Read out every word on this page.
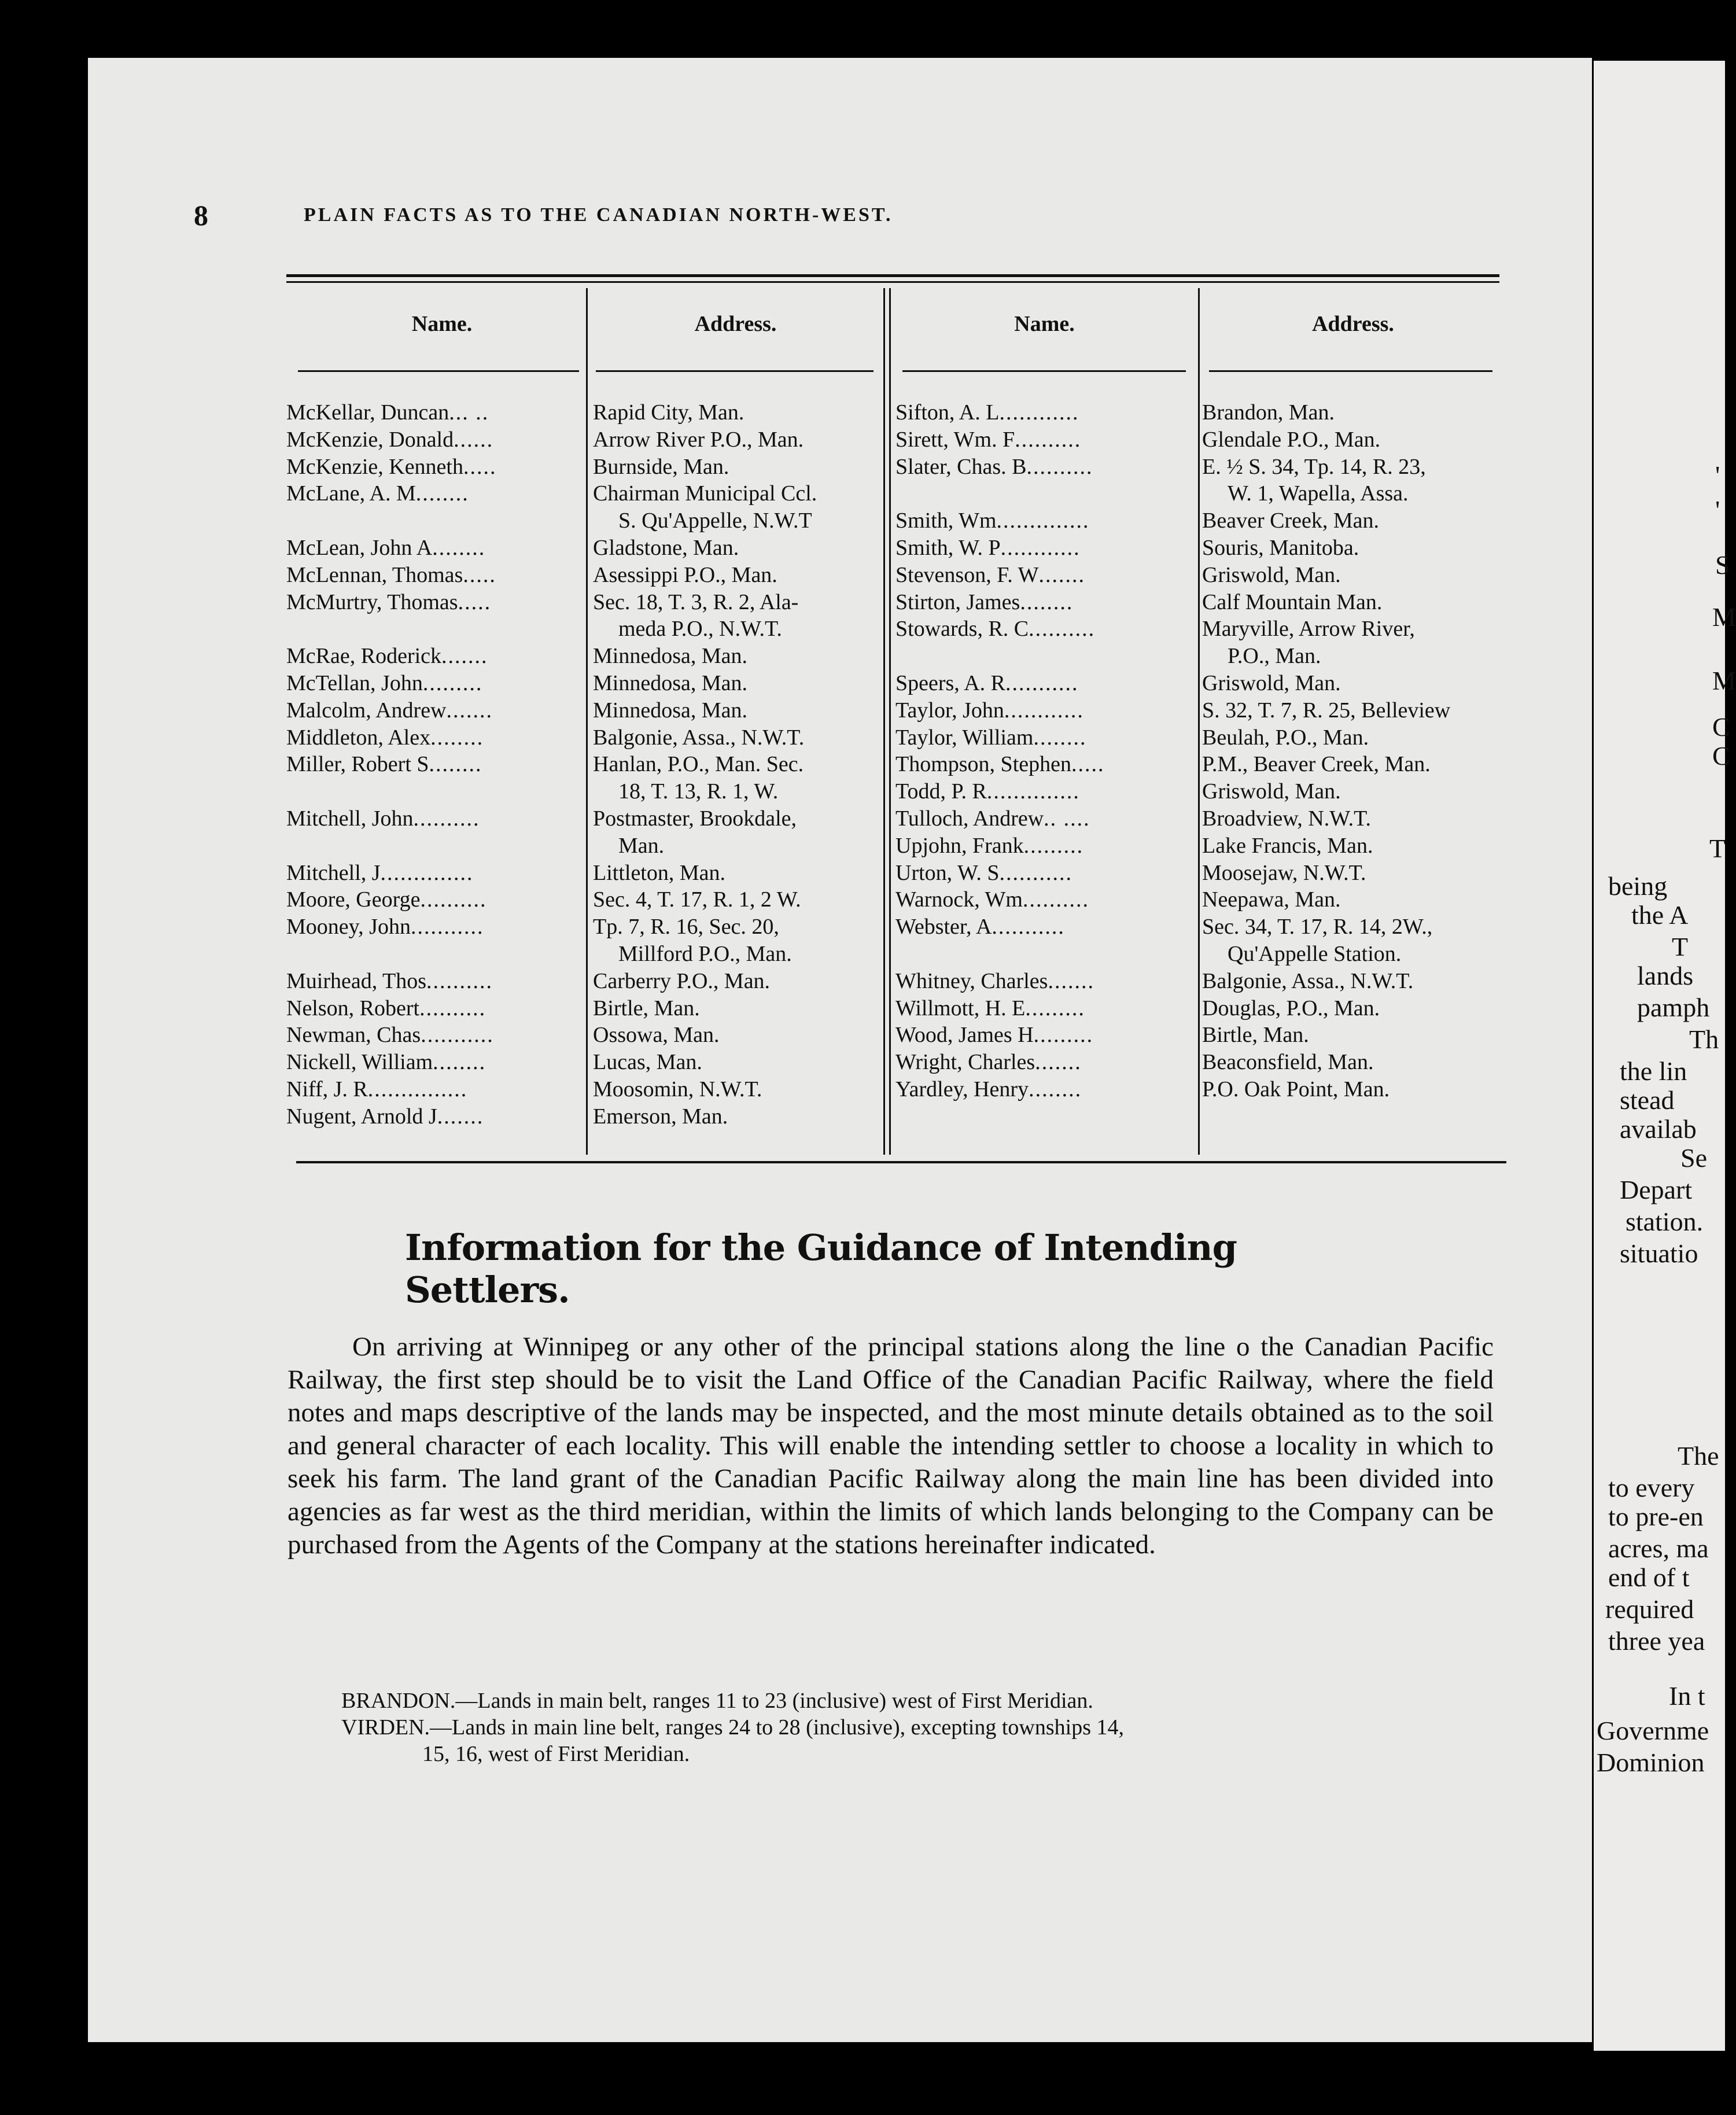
8	PLAIN FACTS AS TO THE CANADIAN NORTH-WEST.
Name.	Address.	Name.	Address.
McKellar, Duncan... ..	Rapid City, Man.
McKenzie, Donald......	Arrow River P.O., Man.
McKenzie, Kenneth.....	Burnside, Man.
McLane, A. M........	Chairman Municipal Ccl.
S. Qu'Appelle, N.W.T
McLean, John A........	Gladstone, Man.
McLennan, Thomas.....	Asessippi P.O., Man.
McMurtry, Thomas.....	Sec. 18, T. 3, R. 2, Ala-
meda P.O., N.W.T.
McRae, Roderick.......	Minnedosa, Man.
McTellan, John.........	Minnedosa, Man.
Malcolm, Andrew.......	Minnedosa, Man.
Middleton, Alex........	Balgonie, Assa., N.W.T.
Miller, Robert S........	Hanlan, P.O., Man. Sec.
18, T. 13, R. 1, W.
Mitchell, John..........	Postmaster, Brookdale,
Man.
Mitchell, J..............	Littleton, Man.
Moore, George..........	Sec. 4, T. 17, R. 1, 2 W.
Mooney, John...........	Tp. 7, R. 16, Sec. 20,
Millford P.O., Man.
Muirhead, Thos..........	Carberry P.O., Man.
Nelson, Robert..........	Birtle, Man.
Newman, Chas...........	Ossowa, Man.
Nickell, William........	Lucas, Man.
Niff, J. R...............	Moosomin, N.W.T.
Nugent, Arnold J.......	Emerson, Man.
Sifton, A. L............	Brandon, Man.
Sirett, Wm. F..........	Glendale P.O., Man.
Slater, Chas. B..........	E. ½ S. 34, Tp. 14, R. 23,
W. 1, Wapella, Assa.
Smith, Wm..............	Beaver Creek, Man.
Smith, W. P............	Souris, Manitoba.
Stevenson, F. W.......	Griswold, Man.
Stirton, James........	Calf Mountain Man.
Stowards, R. C..........	Maryville, Arrow River,
P.O., Man.
Speers, A. R...........	Griswold, Man.
Taylor, John............	S. 32, T. 7, R. 25, Belleview
Taylor, William........	Beulah, P.O., Man.
Thompson, Stephen.....	P.M., Beaver Creek, Man.
Todd, P. R..............	Griswold, Man.
Tulloch, Andrew.. ....	Broadview, N.W.T.
Upjohn, Frank.........	Lake Francis, Man.
Urton, W. S...........	Moosejaw, N.W.T.
Warnock, Wm..........	Neepawa, Man.
Webster, A...........	Sec. 34, T. 17, R. 14, 2W.,
Qu'Appelle Station.
Whitney, Charles.......	Balgonie, Assa., N.W.T.
Willmott, H. E.........	Douglas, P.O., Man.
Wood, James H.........	Birtle, Man.
Wright, Charles.......	Beaconsfield, Man.
Yardley, Henry........	P.O. Oak Point, Man.
Information for the Guidance of Intending Settlers.
On arriving at Winnipeg or any other of the principal stations along the line o the Canadian Pacific Railway, the first step should be to visit the Land Office of the Canadian Pacific Railway, where the field notes and maps descriptive of the lands may be inspected, and the most minute details obtained as to the soil and general character of each locality. This will enable the intending settler to choose a locality in which to seek his farm. The land grant of the Canadian Pacific Railway along the main line has been divided into agencies as far west as the third meridian, within the limits of which lands belonging to the Company can be purchased from the Agents of the Company at the stations hereinafter indicated.
BRANDON.—Lands in main belt, ranges 11 to 23 (inclusive) west of First Meridian.
VIRDEN.—Lands in main line belt, ranges 24 to 28 (inclusive), excepting townships 14,
15, 16, west of First Meridian.
'
'
S
M
M
C
C
T
being
the A
T
lands
pamph
Th
the lin
stead
availab
Se
Depart
station.
situatio
The
to every
to pre-en
acres, ma
end of t
required
three yea
In t
Governme
Dominion
